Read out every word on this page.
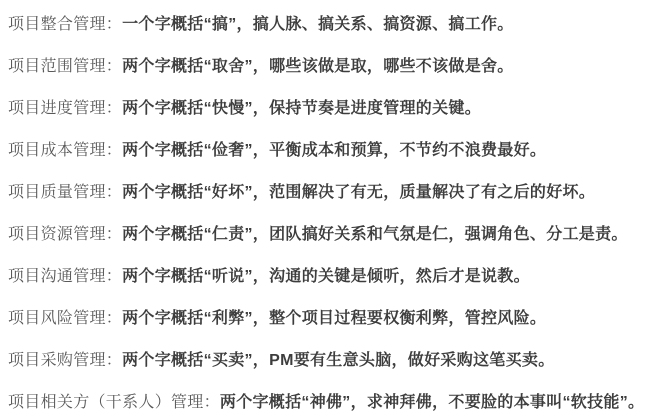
项目整合管理：一个字概括“搞”，搞人脉、搞关系、搞资源、搞工作。

项目范围管理：两个字概括“取舍”，哪些该做是取，哪些不该做是舍。

项目进度管理：两个字概括“快慢”，保持节奏是进度管理的关键。

项目成本管理：两个字概括“俭奢”，平衡成本和预算，不节约不浪费最好。

项目质量管理：两个字概括“好坏”，范围解决了有无，质量解决了有之后的好坏。

项目资源管理：两个字概括“仁责”，团队搞好关系和气氛是仁，强调角色、分工是责。

项目沟通管理：两个字概括“听说”，沟通的关键是倾听，然后才是说教。

项目风险管理：两个字概括“利弊”，整个项目过程要权衡利弊，管控风险。

项目采购管理：两个字概括“买卖”，PM要有生意头脑，做好采购这笔买卖。

项目相关方（干系人）管理：两个字概括“神佛”，求神拜佛，不要脸的本事叫“软技能”。
